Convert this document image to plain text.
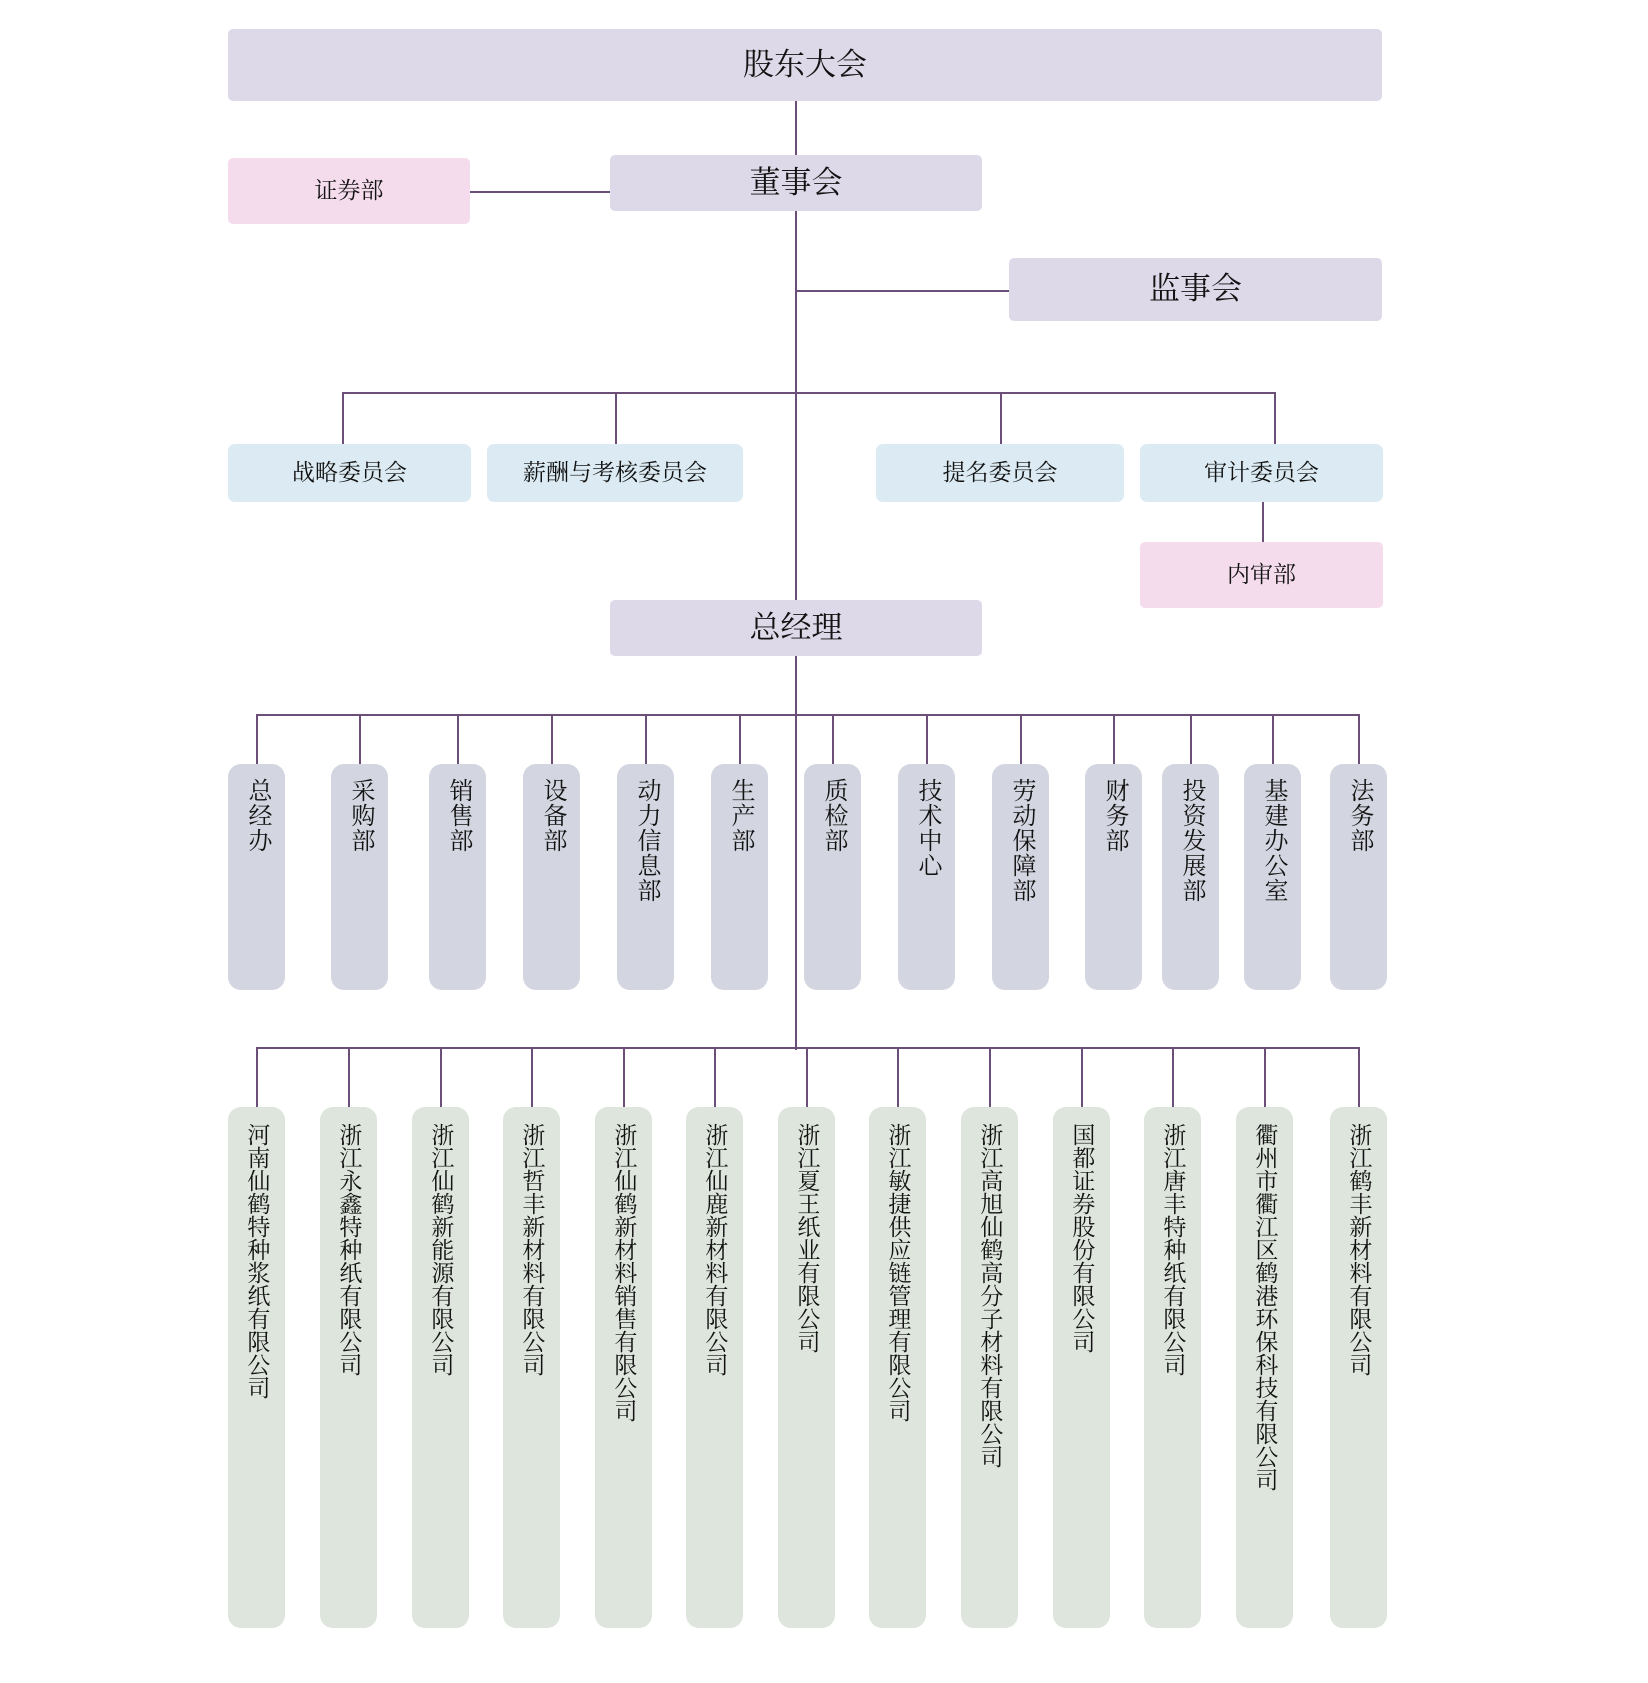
股东大会
证券部	董事会
监事会
战略委员会	薪酬与考核委员会	提名委员会	审计委员会
内审部
总经理
总经办	采购部	销售部	设备部	动力信息部	生产部	质检部	技术中心	劳动保障部	财务部 投资发展部 基建办公室 法务部
河南仙鹤特种浆纸有限公司	浙江永鑫特种纸有限公司	浙江仙鹤新能源有限公司	浙江哲丰新材料有限公司	浙江仙鹤新材料销售有限公司	浙江仙鹿新材料有限公司	浙江夏王纸业有限公司	浙江敏捷供应链管理有限公司	浙江高旭仙鹤高分子材料有限公司	国都证券股份有限公司	浙江唐丰特种纸有限公司	衢州市衢江区鹤港环保科技有限公司	浙江鹤丰新材料有限公司
